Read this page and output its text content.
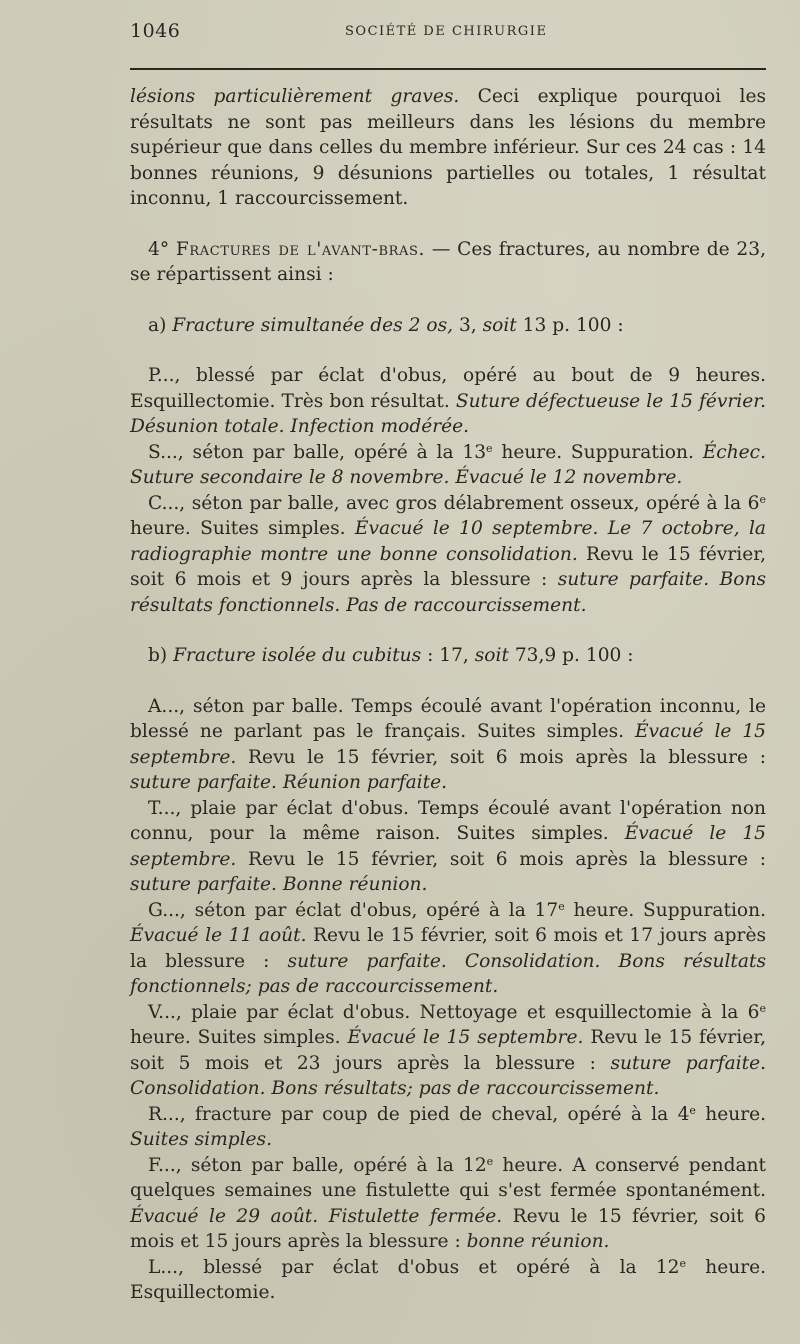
1046	SOCIÉTÉ DE CHIRURGIE

lésions particulièrement graves. Ceci explique pourquoi les résultats ne sont pas meilleurs dans les lésions du membre supérieur que dans celles du membre inférieur. Sur ces 24 cas : 14 bonnes réunions, 9 désunions partielles ou totales, 1 résultat inconnu, 1 raccourcissement.

4° Fractures de l'avant-bras. — Ces fractures, au nombre de 23, se répartissent ainsi :

a) Fracture simultanée des 2 os, 3, soit 13 p. 100 :

P..., blessé par éclat d'obus, opéré au bout de 9 heures. Esquillectomie. Très bon résultat. Suture défectueuse le 15 février. Désunion totale. Infection modérée.

S..., séton par balle, opéré à la 13e heure. Suppuration. Échec. Suture secondaire le 8 novembre. Évacué le 12 novembre.

C..., séton par balle, avec gros délabrement osseux, opéré à la 6e heure. Suites simples. Évacué le 10 septembre. Le 7 octobre, la radiographie montre une bonne consolidation. Revu le 15 février, soit 6 mois et 9 jours après la blessure : suture parfaite. Bons résultats fonctionnels. Pas de raccourcissement.

b) Fracture isolée du cubitus : 17, soit 73,9 p. 100 :

A..., séton par balle. Temps écoulé avant l'opération inconnu, le blessé ne parlant pas le français. Suites simples. Évacué le 15 septembre. Revu le 15 février, soit 6 mois après la blessure : suture parfaite. Réunion parfaite.

T..., plaie par éclat d'obus. Temps écoulé avant l'opération non connu, pour la même raison. Suites simples. Évacué le 15 septembre. Revu le 15 février, soit 6 mois après la blessure : suture parfaite. Bonne réunion.

G..., séton par éclat d'obus, opéré à la 17e heure. Suppuration. Évacué le 11 août. Revu le 15 février, soit 6 mois et 17 jours après la blessure : suture parfaite. Consolidation. Bons résultats fonctionnels; pas de raccourcissement.

V..., plaie par éclat d'obus. Nettoyage et esquillectomie à la 6e heure. Suites simples. Évacué le 15 septembre. Revu le 15 février, soit 5 mois et 23 jours après la blessure : suture parfaite. Consolidation. Bons résultats; pas de raccourcissement.

R..., fracture par coup de pied de cheval, opéré à la 4e heure. Suites simples.

F..., séton par balle, opéré à la 12e heure. A conservé pendant quelques semaines une fistulette qui s'est fermée spontanément. Évacué le 29 août. Fistulette fermée. Revu le 15 février, soit 6 mois et 15 jours après la blessure : bonne réunion.

L..., blessé par éclat d'obus et opéré à la 12e heure. Esquillectomie.
